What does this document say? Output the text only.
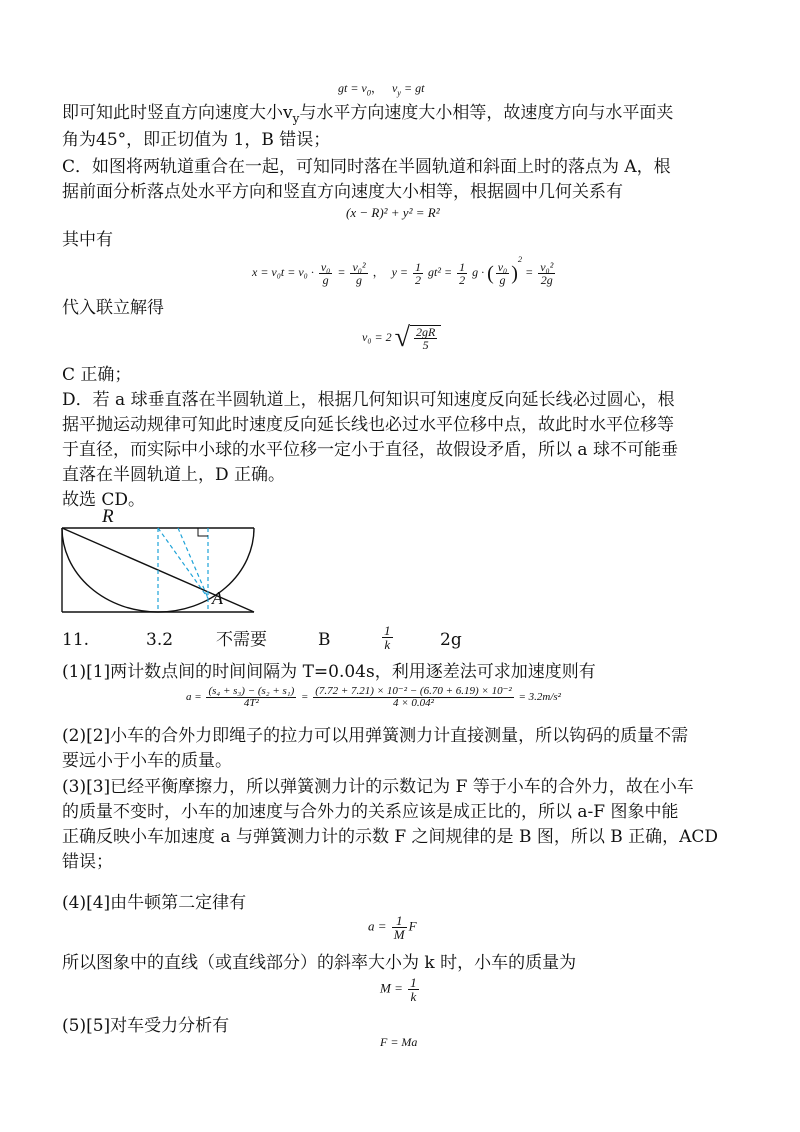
gt = $v_0$， $v_y$ = gt
即可知此时竖直方向速度大小$v_y$与水平方向速度大小相等，故速度方向与水平面夹
角为45°，即正切值为 1，B 错误；
C．如图将两轨道重合在一起，可知同时落在半圆轨道和斜面上时的落点为 A，根
据前面分析落点处水平方向和竖直方向速度大小相等，根据圆中几何关系有
(x − R)² + y² = R²
其中有
$x = v_0t = v_0 \cdot \frac{\text{v₀}}{g} = \frac{\text{v₀²}}{g}$ ， $y = \frac{1}{2} gt^2 = \frac{1}{2}$ g · ( $\frac{\text{v₀}}{g} )^2 = \frac{\text{v₀²}}{2g}$
代入联立解得
v₀ = 2 √ $\frac{2gR}{5}$
C 正确；
D．若 a 球垂直落在半圆轨道上，根据几何知识可知速度反向延长线必过圆心，根
据平抛运动规律可知此时速度反向延长线也必过水平位移中点，故此时水平位移等
于直径，而实际中小球的水平位移一定小于直径，故假设矛盾，所以 a 球不可能垂
直落在半圆轨道上，D 正确。
故选 CD。
R
A
11.	3.2	不需要	B	$\frac{1}{k}$	2g
(1)[1]两计数点间的时间间隔为 T=0.04s，利用逐差法可求加速度则有
$a = \frac{\text{(s₄ + s₃) − (s₂ + s₁)}}{\text{4T²}} = \frac{\text{(7.72 + 7.21) × 10⁻² − (6.70 + 6.19) × 10⁻²}}{\text{4 × 0.04²}} = 3.2m/s^2$
(2)[2]小车的合外力即绳子的拉力可以用弹簧测力计直接测量，所以钩码的质量不需
要远小于小车的质量。
(3)[3]已经平衡摩擦力，所以弹簧测力计的示数记为 F 等于小车的合外力，故在小车
的质量不变时，小车的加速度与合外力的关系应该是成正比的，所以 a-F 图象中能
正确反映小车加速度 a 与弹簧测力计的示数 F 之间规律的是 B 图，所以 B 正确，ACD
错误；
(4)[4]由牛顿第二定律有
$a = \frac{1}{M}$ F
所以图象中的直线（或直线部分）的斜率大小为 k 时，小车的质量为
$M = \frac{1}{k}$
(5)[5]对车受力分析有
F = Ma
